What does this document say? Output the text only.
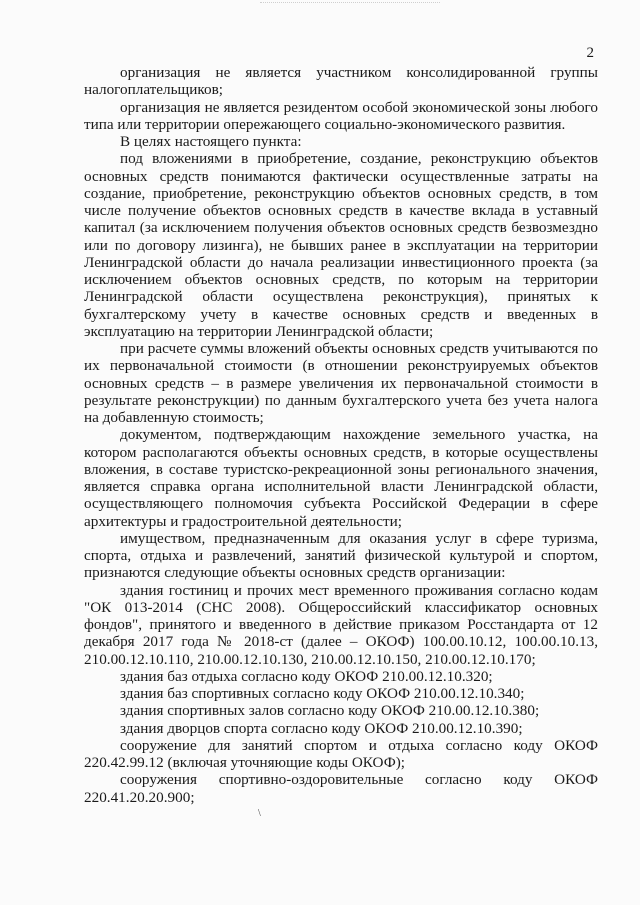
2

организация не является участником консолидированной группы налогоплательщиков;

организация не является резидентом особой экономической зоны любого типа или территории опережающего социально-экономического развития.

В целях настоящего пункта:

под вложениями в приобретение, создание, реконструкцию объектов основных средств понимаются фактически осуществленные затраты на создание, приобретение, реконструкцию объектов основных средств, в том числе получение объектов основных средств в качестве вклада в уставный капитал (за исключением получения объектов основных средств безвозмездно или по договору лизинга), не бывших ранее в эксплуатации на территории Ленинградской области до начала реализации инвестиционного проекта (за исключением объектов основных средств, по которым на территории Ленинградской области осуществлена реконструкция), принятых к бухгалтерскому учету в качестве основных средств и введенных в эксплуатацию на территории Ленинградской области;

при расчете суммы вложений объекты основных средств учитываются по их первоначальной стоимости (в отношении реконструируемых объектов основных средств – в размере увеличения их первоначальной стоимости в результате реконструкции) по данным бухгалтерского учета без учета налога на добавленную стоимость;

документом, подтверждающим нахождение земельного участка, на котором располагаются объекты основных средств, в которые осуществлены вложения, в составе туристско-рекреационной зоны регионального значения, является справка органа исполнительной власти Ленинградской области, осуществляющего полномочия субъекта Российской Федерации в сфере архитектуры и градостроительной деятельности;

имуществом, предназначенным для оказания услуг в сфере туризма, спорта, отдыха и развлечений, занятий физической культурой и спортом, признаются следующие объекты основных средств организации:

здания гостиниц и прочих мест временного проживания согласно кодам "ОК 013-2014 (СНС 2008). Общероссийский классификатор основных фондов", принятого и введенного в действие приказом Росстандарта от 12 декабря 2017 года № 2018-ст (далее – ОКОФ) 100.00.10.12, 100.00.10.13, 210.00.12.10.110, 210.00.12.10.130, 210.00.12.10.150, 210.00.12.10.170;

здания баз отдыха согласно коду ОКОФ 210.00.12.10.320;

здания баз спортивных согласно коду ОКОФ 210.00.12.10.340;

здания спортивных залов согласно коду ОКОФ 210.00.12.10.380;

здания дворцов спорта согласно коду ОКОФ 210.00.12.10.390;

сооружение для занятий спортом и отдыха согласно коду ОКОФ 220.42.99.12 (включая уточняющие коды ОКОФ);

сооружения спортивно-оздоровительные согласно коду ОКОФ 220.41.20.20.900;

\
